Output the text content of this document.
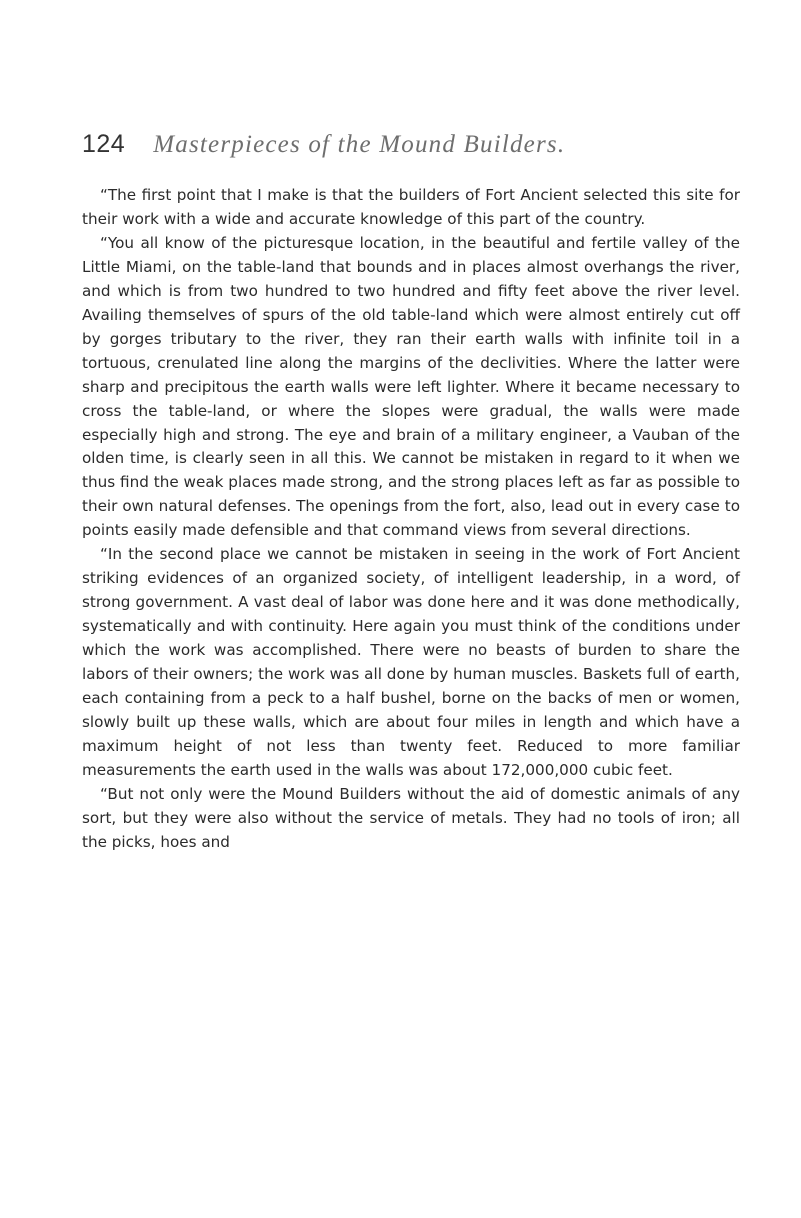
124 Masterpieces of the Mound Builders.

“The first point that I make is that the builders of Fort Ancient selected this site for their work with a wide and accurate knowledge of this part of the country.

“You all know of the picturesque location, in the beautiful and fertile valley of the Little Miami, on the table-land that bounds and in places almost overhangs the river, and which is from two hundred to two hundred and fifty feet above the river level. Availing themselves of spurs of the old table-land which were almost entirely cut off by gorges tributary to the river, they ran their earth walls with infinite toil in a tortuous, crenulated line along the margins of the declivities. Where the latter were sharp and precipitous the earth walls were left lighter. Where it became necessary to cross the table-land, or where the slopes were gradual, the walls were made especially high and strong. The eye and brain of a military engineer, a Vauban of the olden time, is clearly seen in all this. We cannot be mistaken in regard to it when we thus find the weak places made strong, and the strong places left as far as possible to their own natural defenses. The openings from the fort, also, lead out in every case to points easily made defensible and that command views from several directions.

“In the second place we cannot be mistaken in seeing in the work of Fort Ancient striking evidences of an organized society, of intelligent leadership, in a word, of strong government. A vast deal of labor was done here and it was done methodically, systematically and with continuity. Here again you must think of the conditions under which the work was accomplished. There were no beasts of burden to share the labors of their owners; the work was all done by human muscles. Baskets full of earth, each containing from a peck to a half bushel, borne on the backs of men or women, slowly built up these walls, which are about four miles in length and which have a maximum height of not less than twenty feet. Reduced to more familiar measurements the earth used in the walls was about 172,000,000 cubic feet.

“But not only were the Mound Builders without the aid of domestic animals of any sort, but they were also without the service of metals. They had no tools of iron; all the picks, hoes and
